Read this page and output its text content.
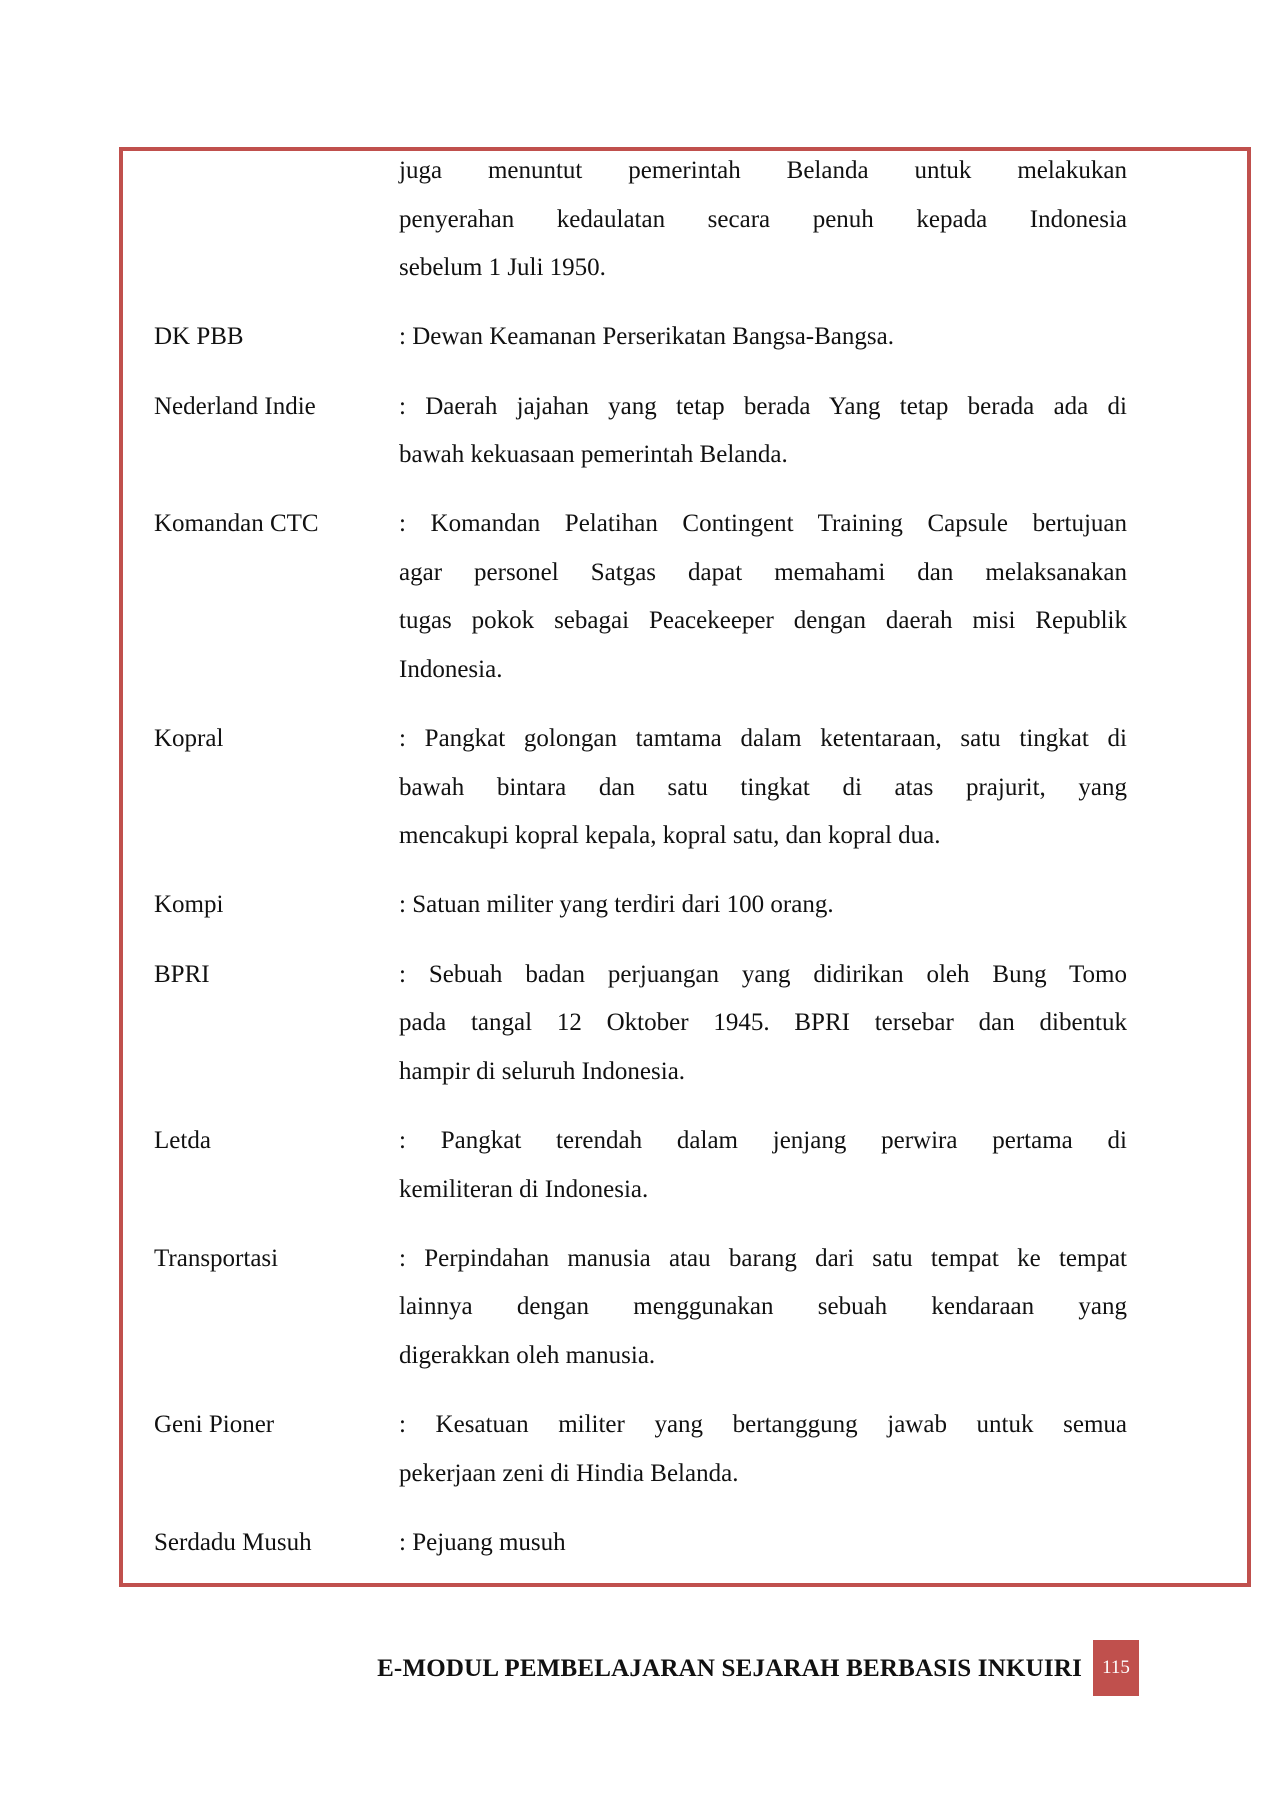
juga menuntut pemerintah Belanda untuk melakukan
penyerahan kedaulatan secara penuh kepada Indonesia
sebelum 1 Juli 1950.
DK PBB	: Dewan Keamanan Perserikatan Bangsa-Bangsa.
Nederland Indie	: Daerah jajahan yang tetap berada Yang tetap berada ada di
bawah kekuasaan pemerintah Belanda.
Komandan CTC	: Komandan Pelatihan Contingent Training Capsule bertujuan
agar personel Satgas dapat memahami dan melaksanakan
tugas pokok sebagai Peacekeeper dengan daerah misi Republik
Indonesia.
Kopral	: Pangkat golongan tamtama dalam ketentaraan, satu tingkat di
bawah bintara dan satu tingkat di atas prajurit, yang
mencakupi kopral kepala, kopral satu, dan kopral dua.
Kompi	: Satuan militer yang terdiri dari 100 orang.
BPRI	: Sebuah badan perjuangan yang didirikan oleh Bung Tomo
pada tangal 12 Oktober 1945. BPRI tersebar dan dibentuk
hampir di seluruh Indonesia.
Letda	: Pangkat terendah dalam jenjang perwira pertama di
kemiliteran di Indonesia.
Transportasi	: Perpindahan manusia atau barang dari satu tempat ke tempat
lainnya dengan menggunakan sebuah kendaraan yang
digerakkan oleh manusia.
Geni Pioner	: Kesatuan militer yang bertanggung jawab untuk semua
pekerjaan zeni di Hindia Belanda.
Serdadu Musuh	: Pejuang musuh
E-MODUL PEMBELAJARAN SEJARAH BERBASIS INKUIRI	115
